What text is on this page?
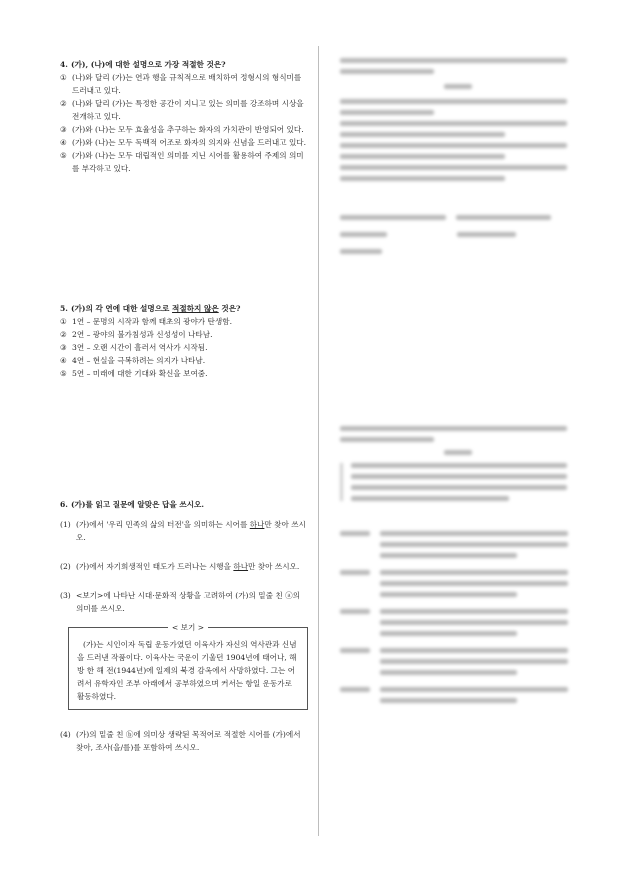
4. (가), (나)에 대한 설명으로 가장 적절한 것은?
① (나)와 달리 (가)는 연과 행을 규칙적으로 배치하여 정형시의 형식미를 드러내고 있다.
② (나)와 달리 (가)는 특정한 공간이 지니고 있는 의미를 강조하며 시상을 전개하고 있다.
③ (가)와 (나)는 모두 효율성을 추구하는 화자의 가치관이 반영되어 있다.
④ (가)와 (나)는 모두 독백적 어조로 화자의 의지와 신념을 드러내고 있다.
⑤ (가)와 (나)는 모두 대립적인 의미를 지닌 시어를 활용하여 주제의 의미를 부각하고 있다.
5. (가)의 각 연에 대한 설명으로 적절하지 않은 것은?
① 1연 – 문명의 시작과 함께 태초의 광야가 탄생함.
② 2연 – 광야의 불가침성과 신성성이 나타남.
③ 3연 – 오랜 시간이 흘러서 역사가 시작됨.
④ 4연 – 현실을 극복하려는 의지가 나타남.
⑤ 5연 – 미래에 대한 기대와 확신을 보여줌.
6. (가)를 읽고 질문에 알맞은 답을 쓰시오.
(1) (가)에서 '우리 민족의 삶의 터전'을 의미하는 시어를 하나만 찾아 쓰시오.
(2) (가)에서 자기희생적인 태도가 드러나는 시행을 하나만 찾아 쓰시오.
(3) <보기>에 나타난 시대·문화적 상황을 고려하여 (가)의 밑줄 친 ⓐ의 의미를 쓰시오.
< 보기 >
(가)는 시인이자 독립 운동가였던 이육사가 자신의 역사관과 신념을 드러낸 작품이다. 이육사는 국운이 기울던 1904년에 태어나, 해방 한 해 전(1944년)에 일제의 북경 감옥에서 사망하였다. 그는 어려서 유학자인 조부 아래에서 공부하였으며 커서는 항일 운동가로 활동하였다.
(4) (가)의 밑줄 친 ⓑ에 의미상 생략된 목적어로 적절한 시어를 (가)에서 찾아, 조사(을/를)를 포함하여 쓰시오.
